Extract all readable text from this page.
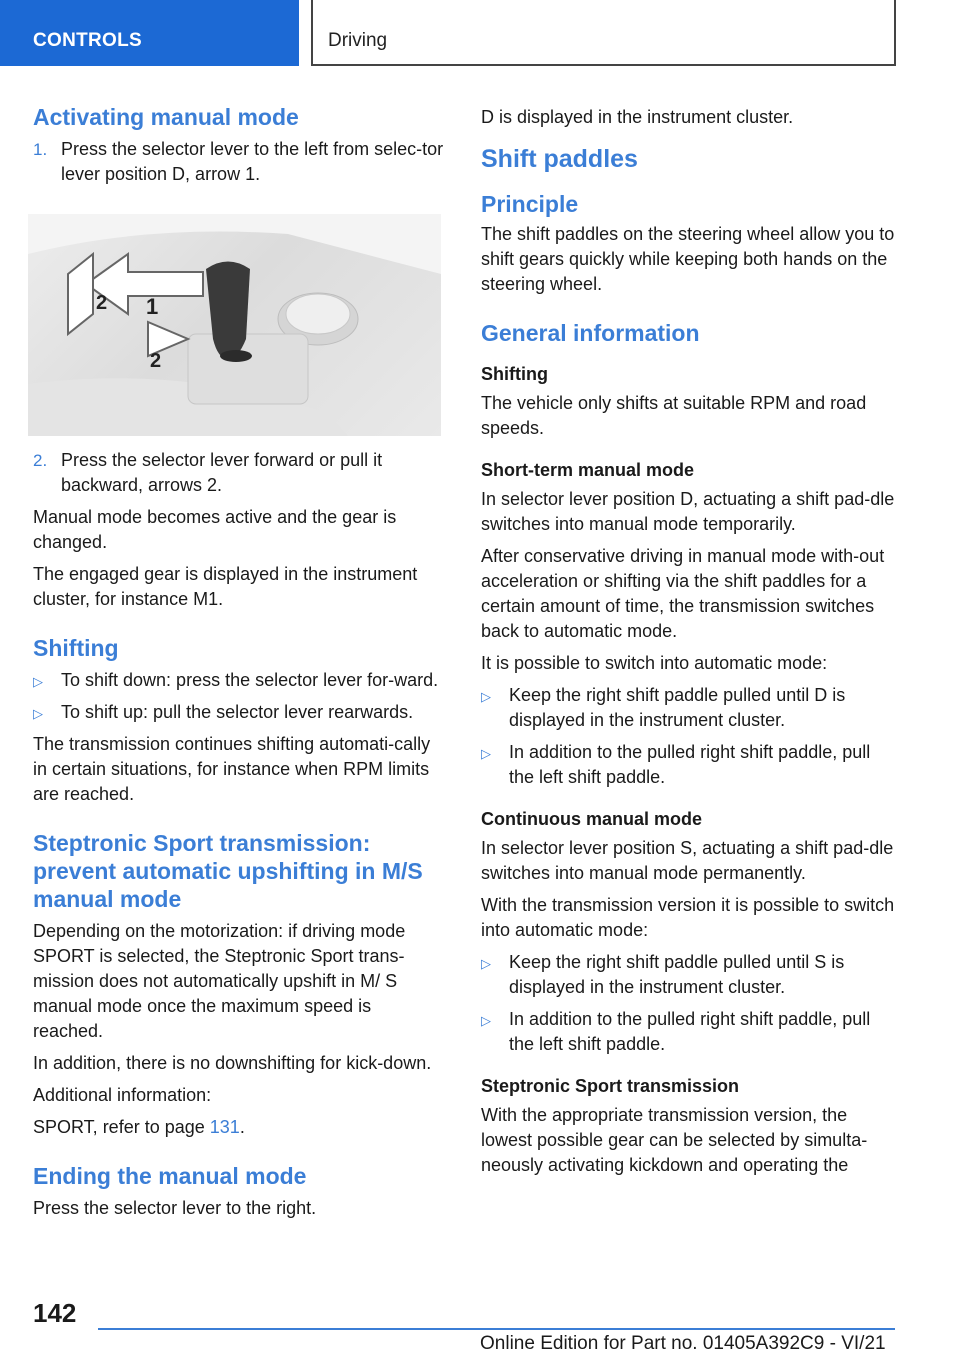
CONTROLS	Driving
Activating manual mode
1. Press the selector lever to the left from selec‐tor lever position D, arrow 1.
1
2
2
2. Press the selector lever forward or pull it backward, arrows 2.

Manual mode becomes active and the gear is changed.

The engaged gear is displayed in the instrument cluster, for instance M1.

Shifting
▷ To shift down: press the selector lever for‐ward.
▷ To shift up: pull the selector lever rearwards.

The transmission continues shifting automati‐cally in certain situations, for instance when RPM limits are reached.

Steptronic Sport transmission: prevent automatic upshifting in M/S manual mode

Depending on the motorization: if driving mode SPORT is selected, the Steptronic Sport trans‐mission does not automatically upshift in M/ S manual mode once the maximum speed is reached.

In addition, there is no downshifting for kick‐down.

Additional information:

SPORT, refer to page 131.

Ending the manual mode

Press the selector lever to the right.

D is displayed in the instrument cluster.

Shift paddles
Principle

The shift paddles on the steering wheel allow you to shift gears quickly while keeping both hands on the steering wheel.

General information
Shifting

The vehicle only shifts at suitable RPM and road speeds.

Short-term manual mode

In selector lever position D, actuating a shift pad‐dle switches into manual mode temporarily.

After conservative driving in manual mode with‐out acceleration or shifting via the shift paddles for a certain amount of time, the transmission switches back to automatic mode.

It is possible to switch into automatic mode:

▷ Keep the right shift paddle pulled until D is displayed in the instrument cluster.
▷ In addition to the pulled right shift paddle, pull the left shift paddle.
Continuous manual mode

In selector lever position S, actuating a shift pad‐dle switches into manual mode permanently.

With the transmission version it is possible to switch into automatic mode:

▷ Keep the right shift paddle pulled until S is displayed in the instrument cluster.
▷ In addition to the pulled right shift paddle, pull the left shift paddle.
Steptronic Sport transmission

With the appropriate transmission version, the lowest possible gear can be selected by simulta‐neously activating kickdown and operating the

142
Online Edition for Part no. 01405A392C9 - VI/21
